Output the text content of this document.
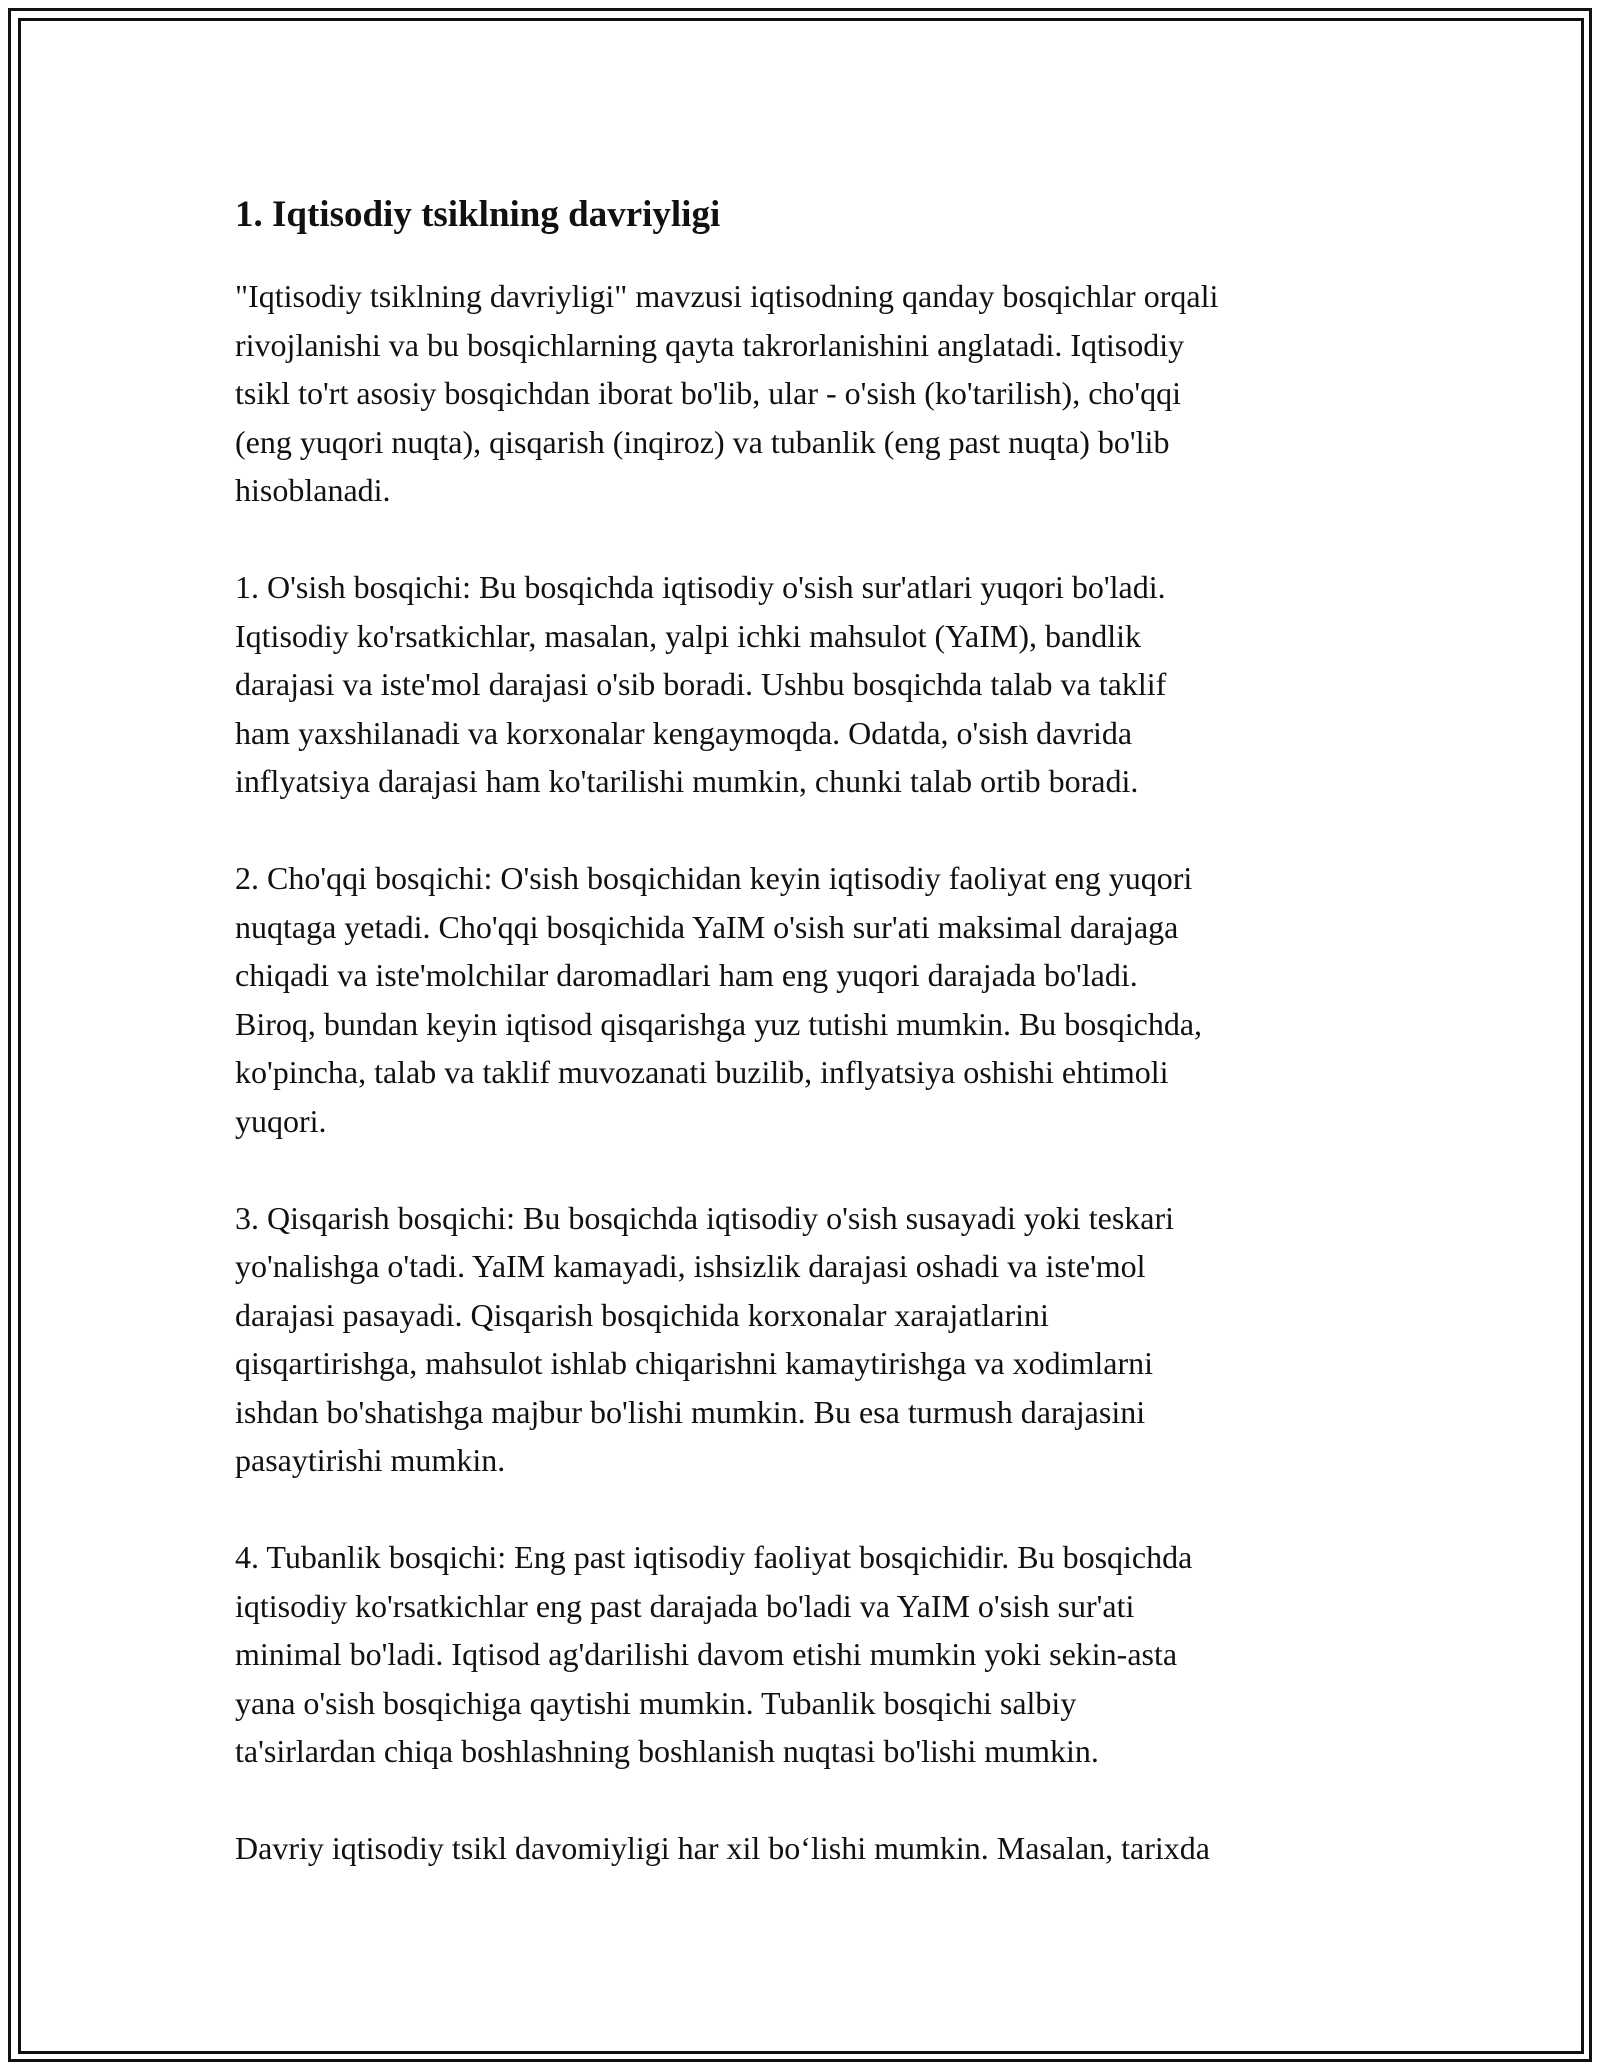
1. Iqtisodiy tsiklning davriyligi

"Iqtisodiy tsiklning davriyligi" mavzusi iqtisodning qanday bosqichlar orqali
rivojlanishi va bu bosqichlarning qayta takrorlanishini anglatadi. Iqtisodiy
tsikl to'rt asosiy bosqichdan iborat bo'lib, ular - o'sish (ko'tarilish), cho'qqi
(eng yuqori nuqta), qisqarish (inqiroz) va tubanlik (eng past nuqta) bo'lib
hisoblanadi.

1. O'sish bosqichi: Bu bosqichda iqtisodiy o'sish sur'atlari yuqori bo'ladi.
Iqtisodiy ko'rsatkichlar, masalan, yalpi ichki mahsulot (YaIM), bandlik
darajasi va iste'mol darajasi o'sib boradi. Ushbu bosqichda talab va taklif
ham yaxshilanadi va korxonalar kengaymoqda. Odatda, o'sish davrida
inflyatsiya darajasi ham ko'tarilishi mumkin, chunki talab ortib boradi.

2. Cho'qqi bosqichi: O'sish bosqichidan keyin iqtisodiy faoliyat eng yuqori
nuqtaga yetadi. Cho'qqi bosqichida YaIM o'sish sur'ati maksimal darajaga
chiqadi va iste'molchilar daromadlari ham eng yuqori darajada bo'ladi.
Biroq, bundan keyin iqtisod qisqarishga yuz tutishi mumkin. Bu bosqichda,
ko'pincha, talab va taklif muvozanati buzilib, inflyatsiya oshishi ehtimoli
yuqori.

3. Qisqarish bosqichi: Bu bosqichda iqtisodiy o'sish susayadi yoki teskari
yo'nalishga o'tadi. YaIM kamayadi, ishsizlik darajasi oshadi va iste'mol
darajasi pasayadi. Qisqarish bosqichida korxonalar xarajatlarini
qisqartirishga, mahsulot ishlab chiqarishni kamaytirishga va xodimlarni
ishdan bo'shatishga majbur bo'lishi mumkin. Bu esa turmush darajasini
pasaytirishi mumkin.

4. Tubanlik bosqichi: Eng past iqtisodiy faoliyat bosqichidir. Bu bosqichda
iqtisodiy ko'rsatkichlar eng past darajada bo'ladi va YaIM o'sish sur'ati
minimal bo'ladi. Iqtisod ag'darilishi davom etishi mumkin yoki sekin-asta
yana o'sish bosqichiga qaytishi mumkin. Tubanlik bosqichi salbiy
ta'sirlardan chiqa boshlashning boshlanish nuqtasi bo'lishi mumkin.

Davriy iqtisodiy tsikl davomiyligi har xil bo‘lishi mumkin. Masalan, tarixda
